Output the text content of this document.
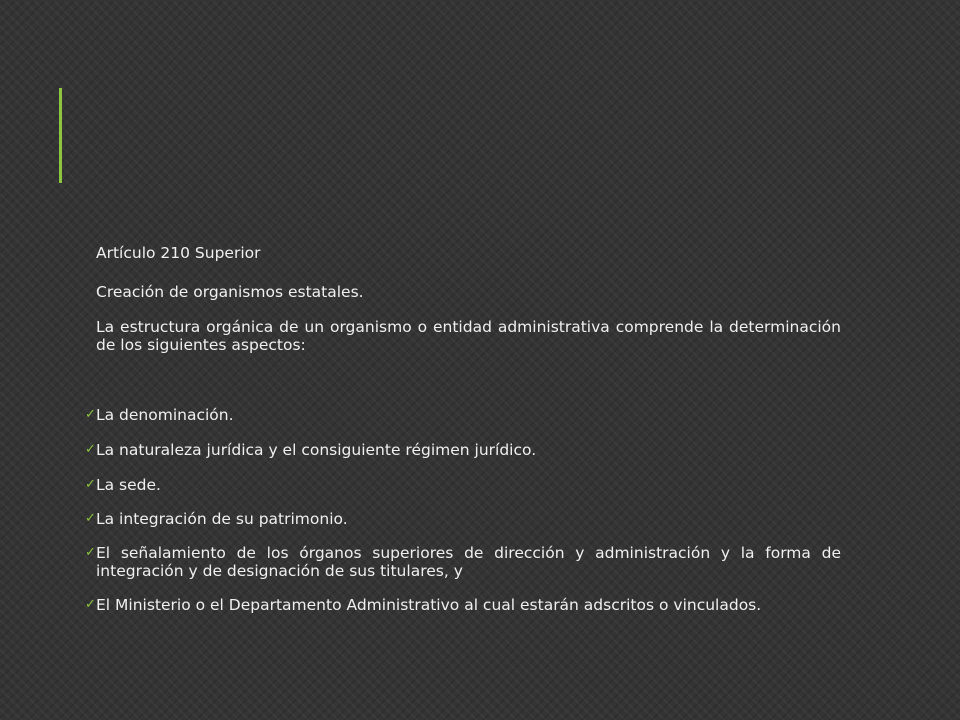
Artículo 210 Superior

Creación de organismos estatales.

La estructura orgánica de un organismo o entidad administrativa comprende la determinación de los siguientes aspectos:

✓ La denominación.
✓ La naturaleza jurídica y el consiguiente régimen jurídico.
✓ La sede.
✓ La integración de su patrimonio.
✓ El señalamiento de los órganos superiores de dirección y administración y la forma de integración y de designación de sus titulares, y
✓ El Ministerio o el Departamento Administrativo al cual estarán adscritos o vinculados.
